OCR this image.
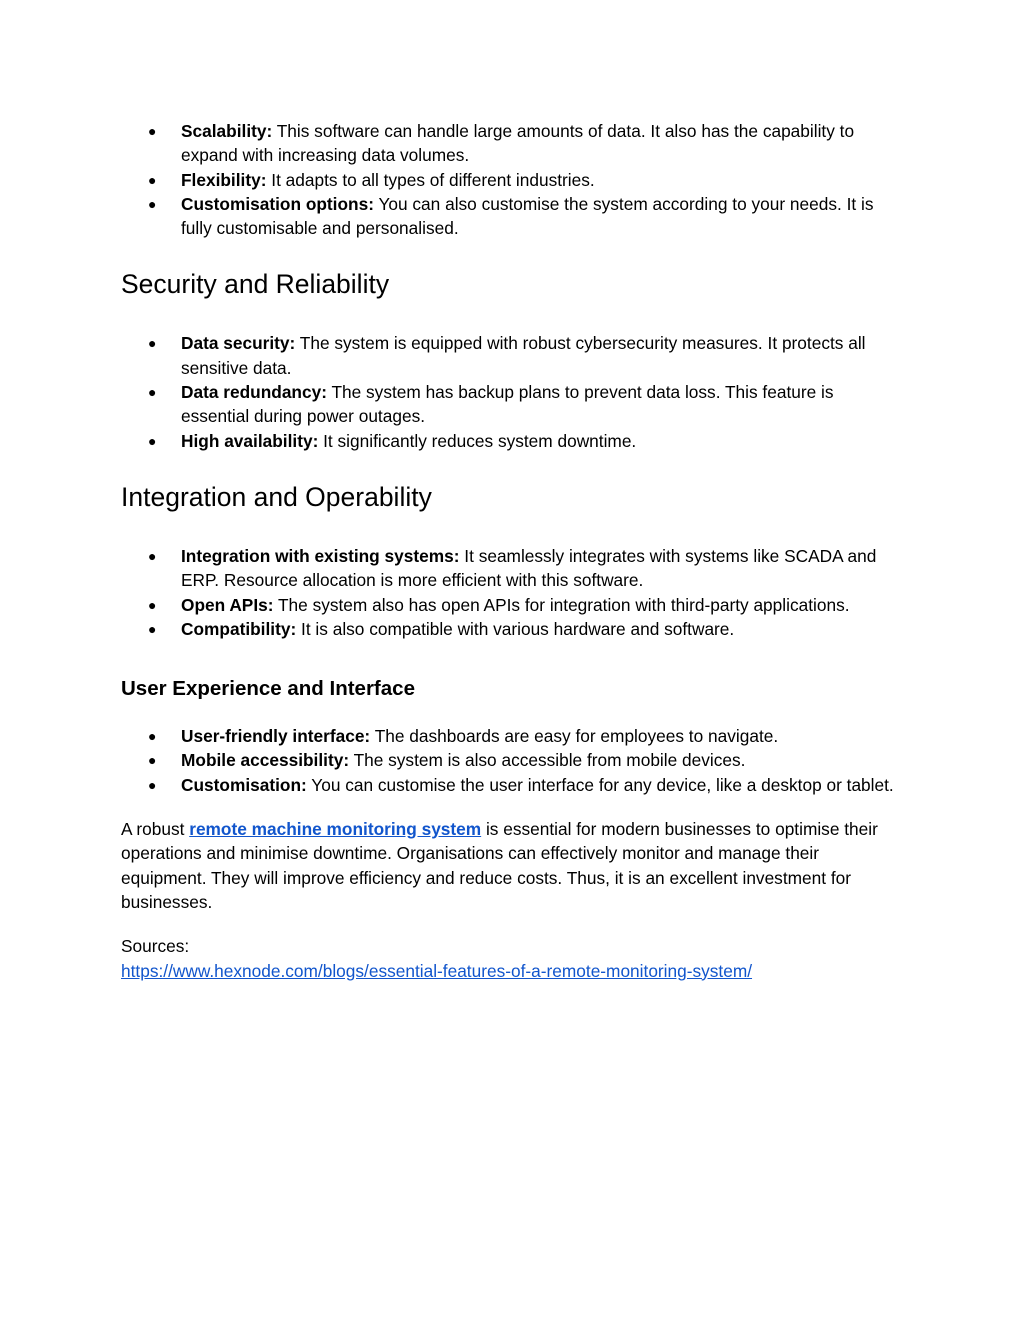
● Scalability: This software can handle large amounts of data. It also has the capability to expand with increasing data volumes.
● Flexibility: It adapts to all types of different industries.
● Customisation options: You can also customise the system according to your needs. It is fully customisable and personalised.
Security and Reliability
● Data security: The system is equipped with robust cybersecurity measures. It protects all sensitive data.
● Data redundancy: The system has backup plans to prevent data loss. This feature is essential during power outages.
● High availability: It significantly reduces system downtime.
Integration and Operability
● Integration with existing systems: It seamlessly integrates with systems like SCADA and ERP. Resource allocation is more efficient with this software.
● Open APIs: The system also has open APIs for integration with third-party applications.
● Compatibility: It is also compatible with various hardware and software.
User Experience and Interface
● User-friendly interface: The dashboards are easy for employees to navigate.
● Mobile accessibility: The system is also accessible from mobile devices.
● Customisation: You can customise the user interface for any device, like a desktop or tablet.

A robust remote machine monitoring system is essential for modern businesses to optimise their operations and minimise downtime. Organisations can effectively monitor and manage their equipment. They will improve efficiency and reduce costs. Thus, it is an excellent investment for businesses.

Sources:
https://www.hexnode.com/blogs/essential-features-of-a-remote-monitoring-system/
